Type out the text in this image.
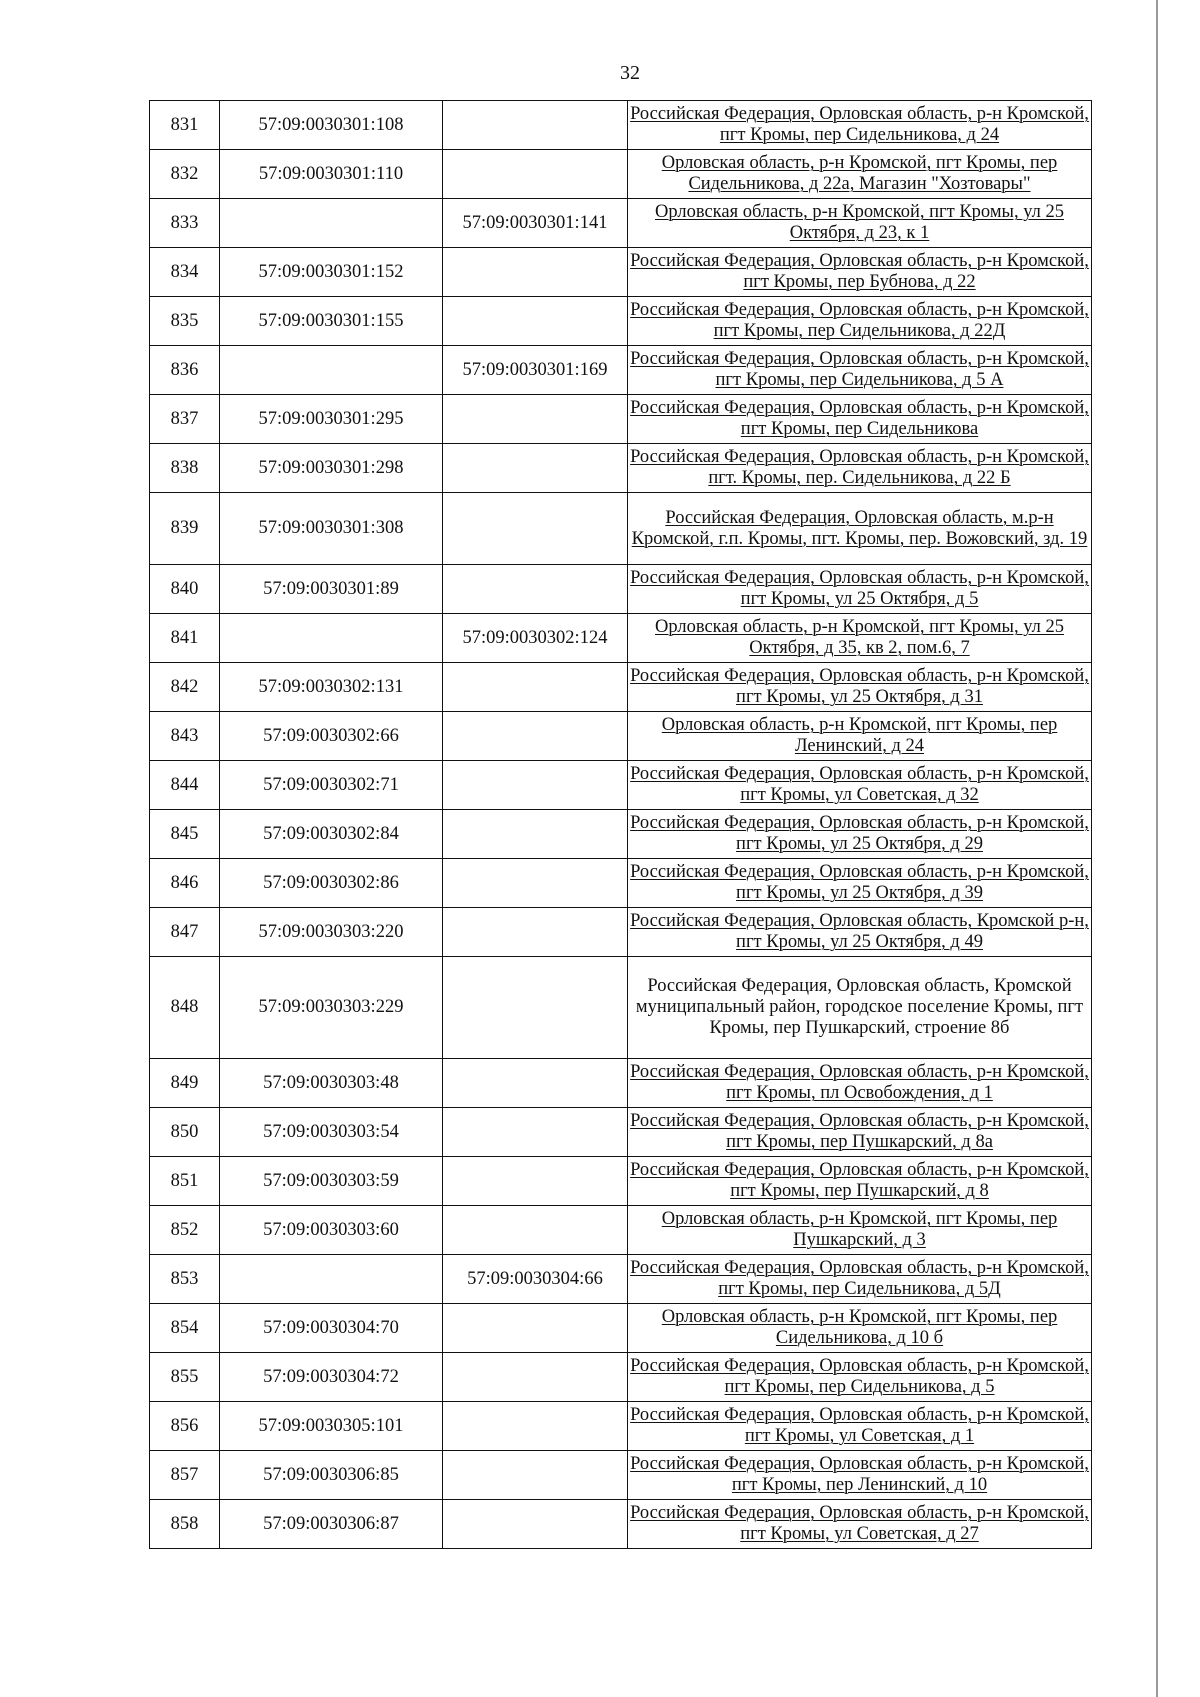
32
831	57:09:0030301:108		Российская Федерация, Орловская область, р-н Кромской, пгт Кромы, пер Сидельникова, д 24
832	57:09:0030301:110		Орловская область, р-н Кромской, пгт Кромы, пер Сидельникова, д 22а, Магазин "Хозтовары"
833		57:09:0030301:141	Орловская область, р-н Кромской, пгт Кромы, ул 25 Октября, д 23, к 1
834	57:09:0030301:152		Российская Федерация, Орловская область, р-н Кромской, пгт Кромы, пер Бубнова, д 22
835	57:09:0030301:155		Российская Федерация, Орловская область, р-н Кромской, пгт Кромы, пер Сидельникова, д 22Д
836		57:09:0030301:169	Российская Федерация, Орловская область, р-н Кромской, пгт Кромы, пер Сидельникова, д 5 А
837	57:09:0030301:295		Российская Федерация, Орловская область, р-н Кромской, пгт Кромы, пер Сидельникова
838	57:09:0030301:298		Российская Федерация, Орловская область, р-н Кромской, пгт. Кромы, пер. Сидельникова, д 22 Б
839	57:09:0030301:308		Российская Федерация, Орловская область, м.р-н Кромской, г.п. Кромы, пгт. Кромы, пер. Вожовский, зд. 19
840	57:09:0030301:89		Российская Федерация, Орловская область, р-н Кромской, пгт Кромы, ул 25 Октября, д 5
841		57:09:0030302:124	Орловская область, р-н Кромской, пгт Кромы, ул 25 Октября, д 35, кв 2, пом.6, 7
842	57:09:0030302:131		Российская Федерация, Орловская область, р-н Кромской, пгт Кромы, ул 25 Октября, д 31
843	57:09:0030302:66		Орловская область, р-н Кромской, пгт Кромы, пер Ленинский, д 24
844	57:09:0030302:71		Российская Федерация, Орловская область, р-н Кромской, пгт Кромы, ул Советская, д 32
845	57:09:0030302:84		Российская Федерация, Орловская область, р-н Кромской, пгт Кромы, ул 25 Октября, д 29
846	57:09:0030302:86		Российская Федерация, Орловская область, р-н Кромской, пгт Кромы, ул 25 Октября, д 39
847	57:09:0030303:220		Российская Федерация, Орловская область, Кромской р-н, пгт Кромы, ул 25 Октября, д 49
848	57:09:0030303:229		Российская Федерация, Орловская область, Кромской муниципальный район, городское поселение Кромы, пгт Кромы, пер Пушкарский, строение 8б
849	57:09:0030303:48		Российская Федерация, Орловская область, р-н Кромской, пгт Кромы, пл Освобождения, д 1
850	57:09:0030303:54		Российская Федерация, Орловская область, р-н Кромской, пгт Кромы, пер Пушкарский, д 8а
851	57:09:0030303:59		Российская Федерация, Орловская область, р-н Кромской, пгт Кромы, пер Пушкарский, д 8
852	57:09:0030303:60		Орловская область, р-н Кромской, пгт Кромы, пер Пушкарский, д 3
853		57:09:0030304:66	Российская Федерация, Орловская область, р-н Кромской, пгт Кромы, пер Сидельникова, д 5Д
854	57:09:0030304:70		Орловская область, р-н Кромской, пгт Кромы, пер Сидельникова, д 10 б
855	57:09:0030304:72		Российская Федерация, Орловская область, р-н Кромской, пгт Кромы, пер Сидельникова, д 5
856	57:09:0030305:101		Российская Федерация, Орловская область, р-н Кромской, пгт Кромы, ул Советская, д 1
857	57:09:0030306:85		Российская Федерация, Орловская область, р-н Кромской, пгт Кромы, пер Ленинский, д 10
858	57:09:0030306:87		Российская Федерация, Орловская область, р-н Кромской, пгт Кромы, ул Советская, д 27
